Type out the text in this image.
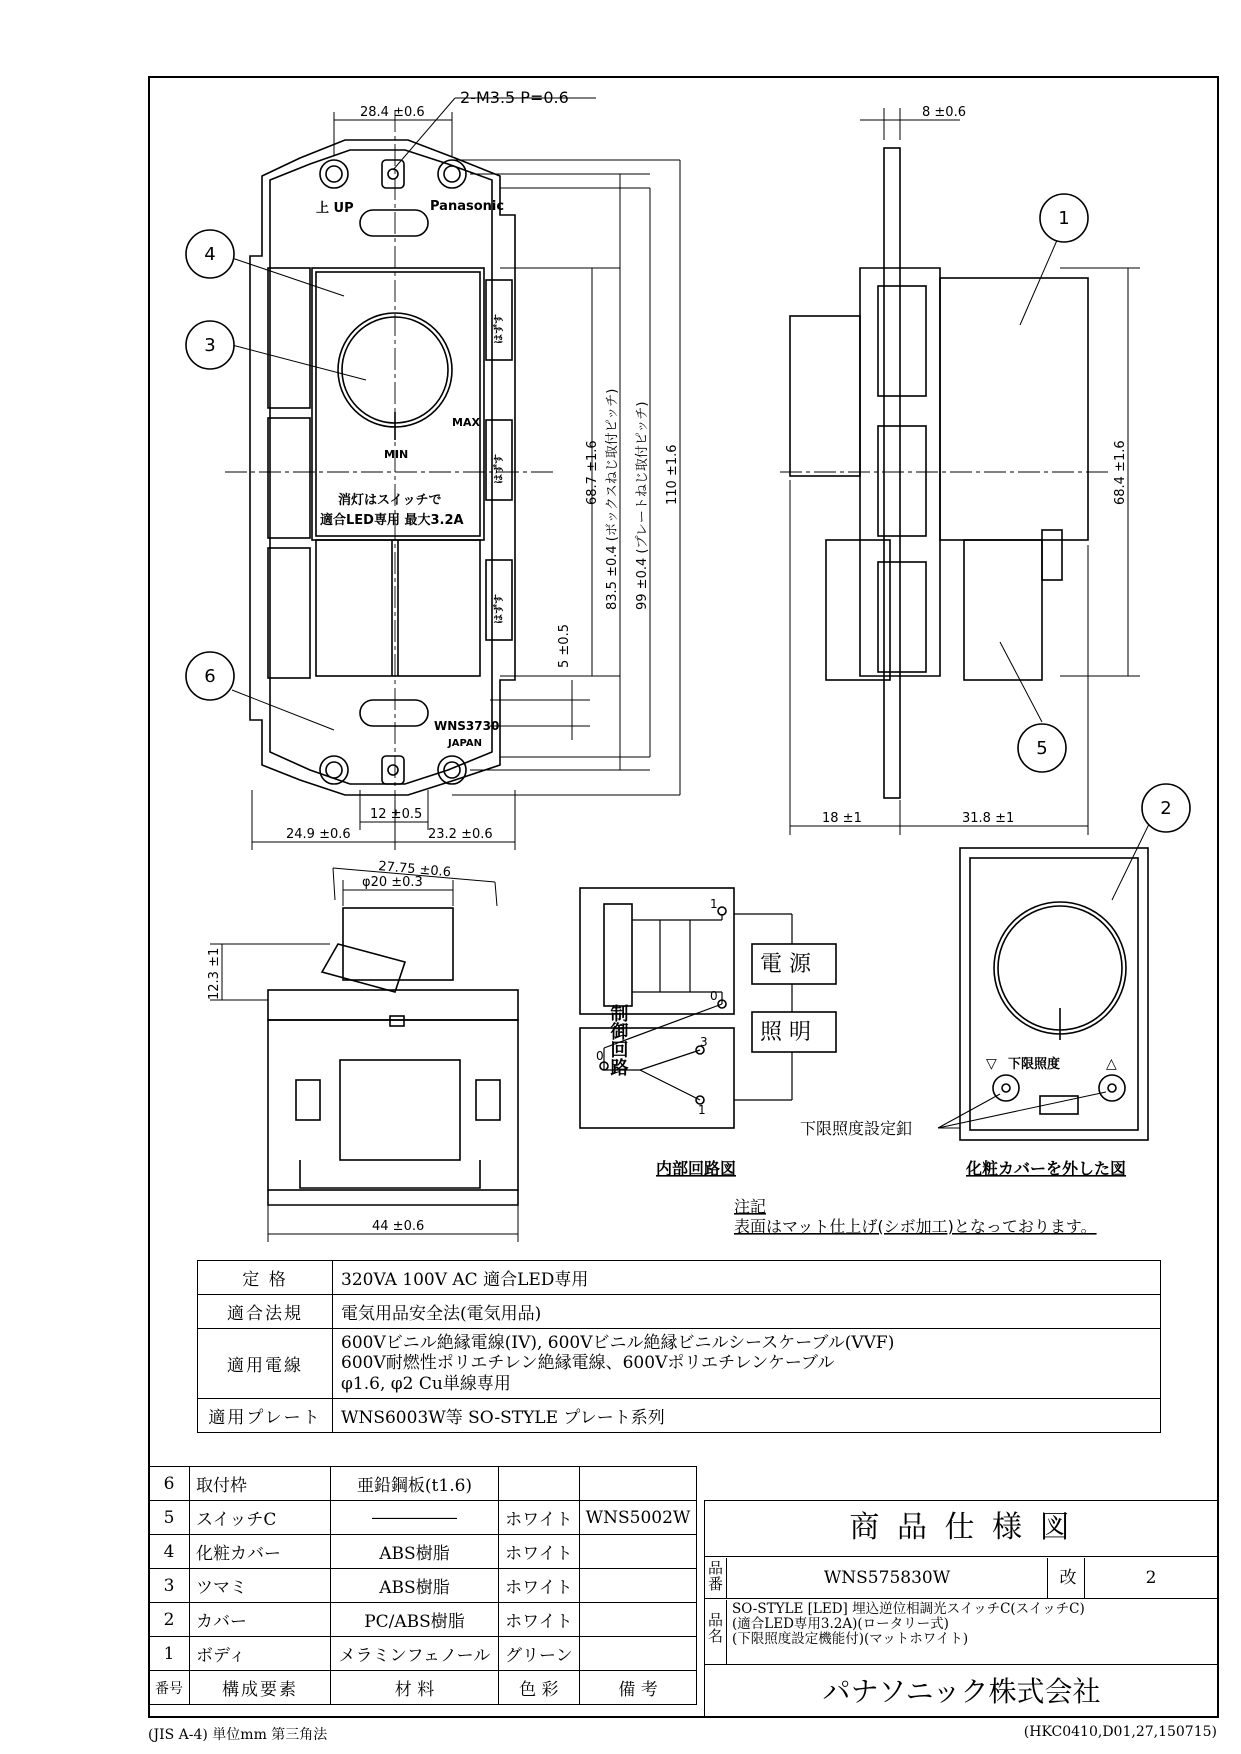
1
2
3
4
5
6
2-M3.5 P=0.6
28.4 ±0.6	8 ±0.6
68.7 ±1.6 83.5 ±0.4 (ボックスねじ取付ピッチ) 99 ±0.4 (プレートねじ取付ピッチ) 110 ±1.6
5 ±0.5
12 ±0.5
24.9 ±0.6	23.2 ±0.6
18 ±1	31.8 ±1
68.4 ±1.6
27.75 ±0.6
φ20 ±0.3
12.3 ±1
44 ±0.6
上 UP	Panasonic
MAX
MIN
消灯はスイッチで
適合LED専用 最大3.2A
WNS3730
JAPAN
はずす
はずす
はずす
制御回路
電 源
照 明
1
0
3
0
1
内部回路図
下限照度
▽	△
下限照度設定釦
化粧カバーを外した図
注記
表面はマット仕上げ(シボ加工)となっております。
定 格	320VA 100V AC 適合LED専用
適合法規	電気用品安全法(電気用品)
適用電線	600Vビニル絶縁電線(IV), 600Vビニル絶縁ビニルシースケーブル(VVF)
600V耐燃性ポリエチレン絶縁電線、600Vポリエチレンケーブル
φ1.6, φ2 Cu単線専用

適用プレート	WNS6003W等 SO-STYLE プレート系列
6	取付枠	亜鉛鋼板(t1.6)		
5	スイッチC	―――――	ホワイト	WNS5002W
4	化粧カバー	ABS樹脂	ホワイト	
3	ツマミ	ABS樹脂	ホワイト	
2	カバー	PC/ABS樹脂	ホワイト	
1	ボディ	メラミンフェノール	グリーン	
番号	構成要素	材 料	色 彩	備 考
商 品 仕 様 図
品番	WNS575830W	改	2
品名
SO-STYLE [LED] 埋込逆位相調光スイッチC(スイッチC)
(適合LED専用3.2A)(ロータリー式)
(下限照度設定機能付)(マットホワイト)
パナソニック株式会社
(JIS A-4) 単位mm 第三角法	(HKC0410,D01,27,150715)
